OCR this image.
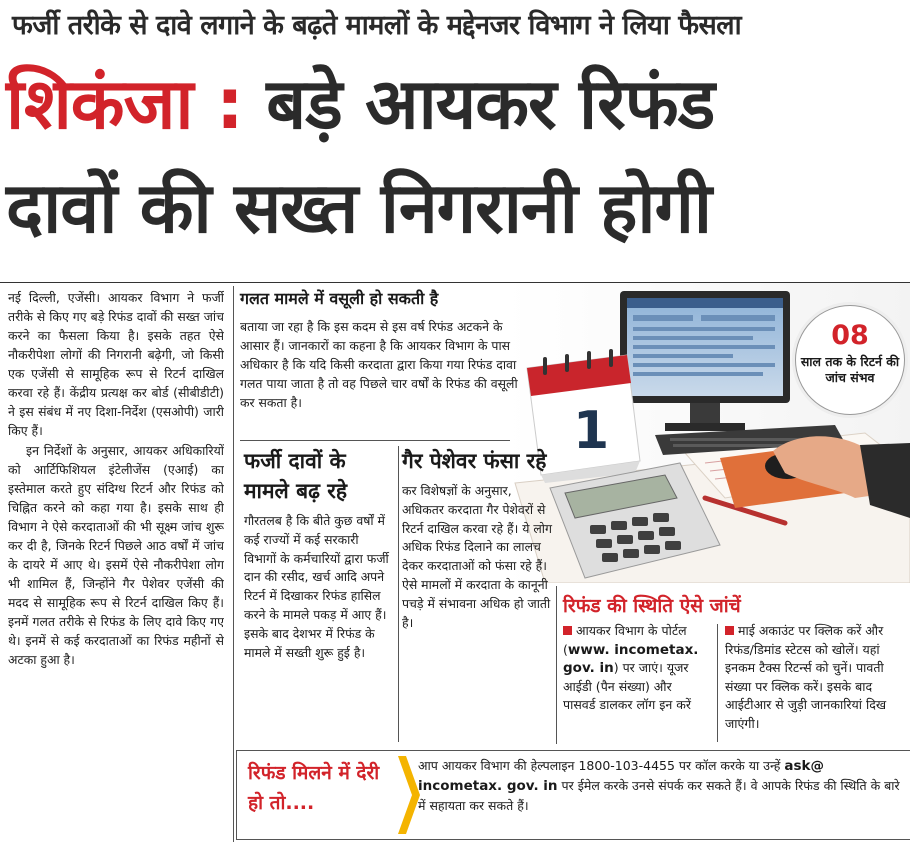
फर्जी तरीके से दावे लगाने के बढ़ते मामलों के मद्देनजर विभाग ने लिया फैसला
शिकंजा : बड़े आयकर रिफंड
दावों की सख्त निगरानी होगी

नई दिल्ली, एजेंसी। आयकर विभाग ने फर्जी तरीके से किए गए बड़े रिफंड दावों की सख्त जांच करने का फैसला किया है। इसके तहत ऐसे नौकरीपेशा लोगों की निगरानी बढ़ेगी, जो किसी एक एजेंसी से सामूहिक रूप से रिटर्न दाखिल करवा रहे हैं। केंद्रीय प्रत्यक्ष कर बोर्ड (सीबीडीटी) ने इस संबंध में नए दिशा-निर्देश (एसओपी) जारी किए हैं।

इन निर्देशों के अनुसार, आयकर अधिकारियों को आर्टिफिशियल इंटेलीजेंस (एआई) का इस्तेमाल करते हुए संदिग्ध रिटर्न और रिफंड को चिह्नित करने को कहा गया है। इसके साथ ही विभाग ने ऐसे करदाताओं की भी सूक्ष्म जांच शुरू कर दी है, जिनके रिटर्न पिछले आठ वर्षों में जांच के दायरे में आए थे। इसमें ऐसे नौकरीपेशा लोग भी शामिल हैं, जिन्होंने गैर पेशेवर एजेंसी की मदद से सामूहिक रूप से रिटर्न दाखिल किए हैं। इनमें गलत तरीके से रिफंड के लिए दावे किए गए थे। इनमें से कई करदाताओं का रिफंड महीनों से अटका हुआ है।

1
गलत मामले में वसूली हो सकती है
बताया जा रहा है कि इस कदम से इस वर्ष रिफंड अटकने के आसार हैं। जानकारों का कहना है कि आयकर विभाग के पास अधिकार है कि यदि किसी करदाता द्वारा किया गया रिफंड दावा गलत पाया जाता है तो वह पिछले चार वर्षों के रिफंड की वसूली कर सकता है।
फर्जी दावों के मामले बढ़ रहे
गौरतलब है कि बीते कुछ वर्षों में कई राज्यों में कई सरकारी विभागों के कर्मचारियों द्वारा फर्जी दान की रसीद, खर्च आदि अपने रिटर्न में दिखाकर रिफंड हासिल करने के मामले पकड़ में आए हैं। इसके बाद देशभर में रिफंड के मामले में सख्ती शुरू हुई है।
गैर पेशेवर फंसा रहे
कर विशेषज्ञों के अनुसार, अधिकतर करदाता गैर पेशेवरों से रिटर्न दाखिल करवा रहे हैं। ये लोग अधिक रिफंड दिलाने का लालच देकर करदाताओं को फंसा रहे हैं। ऐसे मामलों में करदाता के कानूनी पचड़े में संभावना अधिक हो जाती है।
08
साल तक के रिटर्न की जांच संभव
रिफंड की स्थिति ऐसे जांचें
आयकर विभाग के पोर्टल (www. incometax. gov. in) पर जाएं। यूजर आईडी (पैन संख्या) और पासवर्ड डालकर लॉग इन करें
माई अकाउंट पर क्लिक करें और रिफंड/डिमांड स्टेटस को खोलें। यहां इनकम टैक्स रिटर्न्स को चुनें। पावती संख्या पर क्लिक करें। इसके बाद आईटीआर से जुड़ी जानकारियां दिख जाएंगी।
रिफंड मिलने में देरी हो तो....
आप आयकर विभाग की हेल्पलाइन 1800-103-4455 पर कॉल करके या उन्हें ask@ incometax. gov. in पर ईमेल करके उनसे संपर्क कर सकते हैं। वे आपके रिफंड की स्थिति के बारे में सहायता कर सकते हैं।
